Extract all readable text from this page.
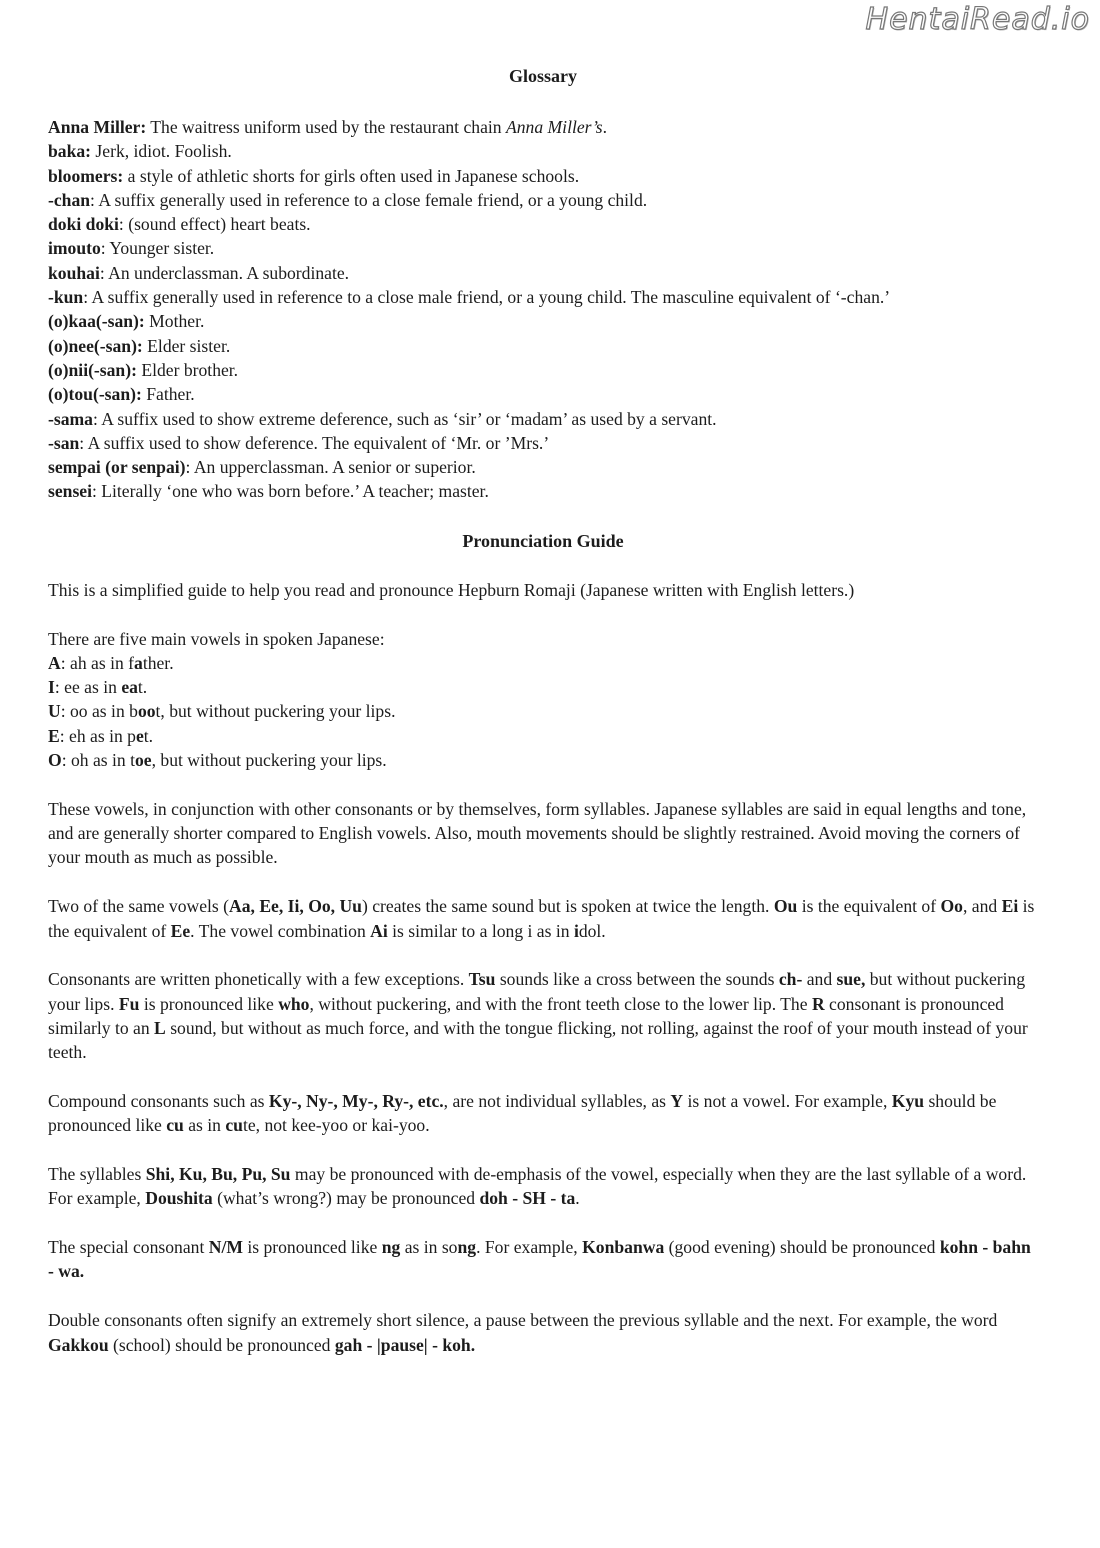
HentaiRead.io
Glossary

Anna Miller: The waitress uniform used by the restaurant chain Anna Miller’s.

baka: Jerk, idiot. Foolish.

bloomers: a style of athletic shorts for girls often used in Japanese schools.

-chan: A suffix generally used in reference to a close female friend, or a young child.

doki doki: (sound effect) heart beats.

imouto: Younger sister.

kouhai: An underclassman. A subordinate.

-kun: A suffix generally used in reference to a close male friend, or a young child. The masculine equivalent of ‘-chan.’

(o)kaa(-san): Mother.

(o)nee(-san): Elder sister.

(o)nii(-san): Elder brother.

(o)tou(-san): Father.

-sama: A suffix used to show extreme deference, such as ‘sir’ or ‘madam’ as used by a servant.

-san: A suffix used to show deference. The equivalent of ‘Mr. or ’Mrs.’

sempai (or senpai): An upperclassman. A senior or superior.

sensei: Literally ‘one who was born before.’ A teacher; master.

Pronunciation Guide

This is a simplified guide to help you read and pronounce Hepburn Romaji (Japanese written with English letters.)

There are five main vowels in spoken Japanese:

A: ah as in father.

I: ee as in eat.

U: oo as in boot, but without puckering your lips.

E: eh as in pet.

O: oh as in toe, but without puckering your lips.

These vowels, in conjunction with other consonants or by themselves, form syllables. Japanese syllables are said in equal lengths and tone, and are generally shorter compared to English vowels. Also, mouth movements should be slightly restrained. Avoid moving the corners of your mouth as much as possible.

Two of the same vowels (Aa, Ee, Ii, Oo, Uu) creates the same sound but is spoken at twice the length. Ou is the equivalent of Oo, and Ei is the equivalent of Ee. The vowel combination Ai is similar to a long i as in idol.

Consonants are written phonetically with a few exceptions. Tsu sounds like a cross between the sounds ch- and sue, but without puckering your lips. Fu is pronounced like who, without puckering, and with the front teeth close to the lower lip. The R consonant is pronounced similarly to an L sound, but without as much force, and with the tongue flicking, not rolling, against the roof of your mouth instead of your teeth.

Compound consonants such as Ky-, Ny-, My-, Ry-, etc., are not individual syllables, as Y is not a vowel. For example, Kyu should be pronounced like cu as in cute, not kee-yoo or kai-yoo.

The syllables Shi, Ku, Bu, Pu, Su may be pronounced with de-emphasis of the vowel, especially when they are the last syllable of a word. For example, Doushita (what’s wrong?) may be pronounced doh - SH - ta.

The special consonant N/M is pronounced like ng as in song. For example, Konbanwa (good evening) should be pronounced kohn - bahn - wa.

Double consonants often signify an extremely short silence, a pause between the previous syllable and the next. For example, the word Gakkou (school) should be pronounced gah - |pause| - koh.
